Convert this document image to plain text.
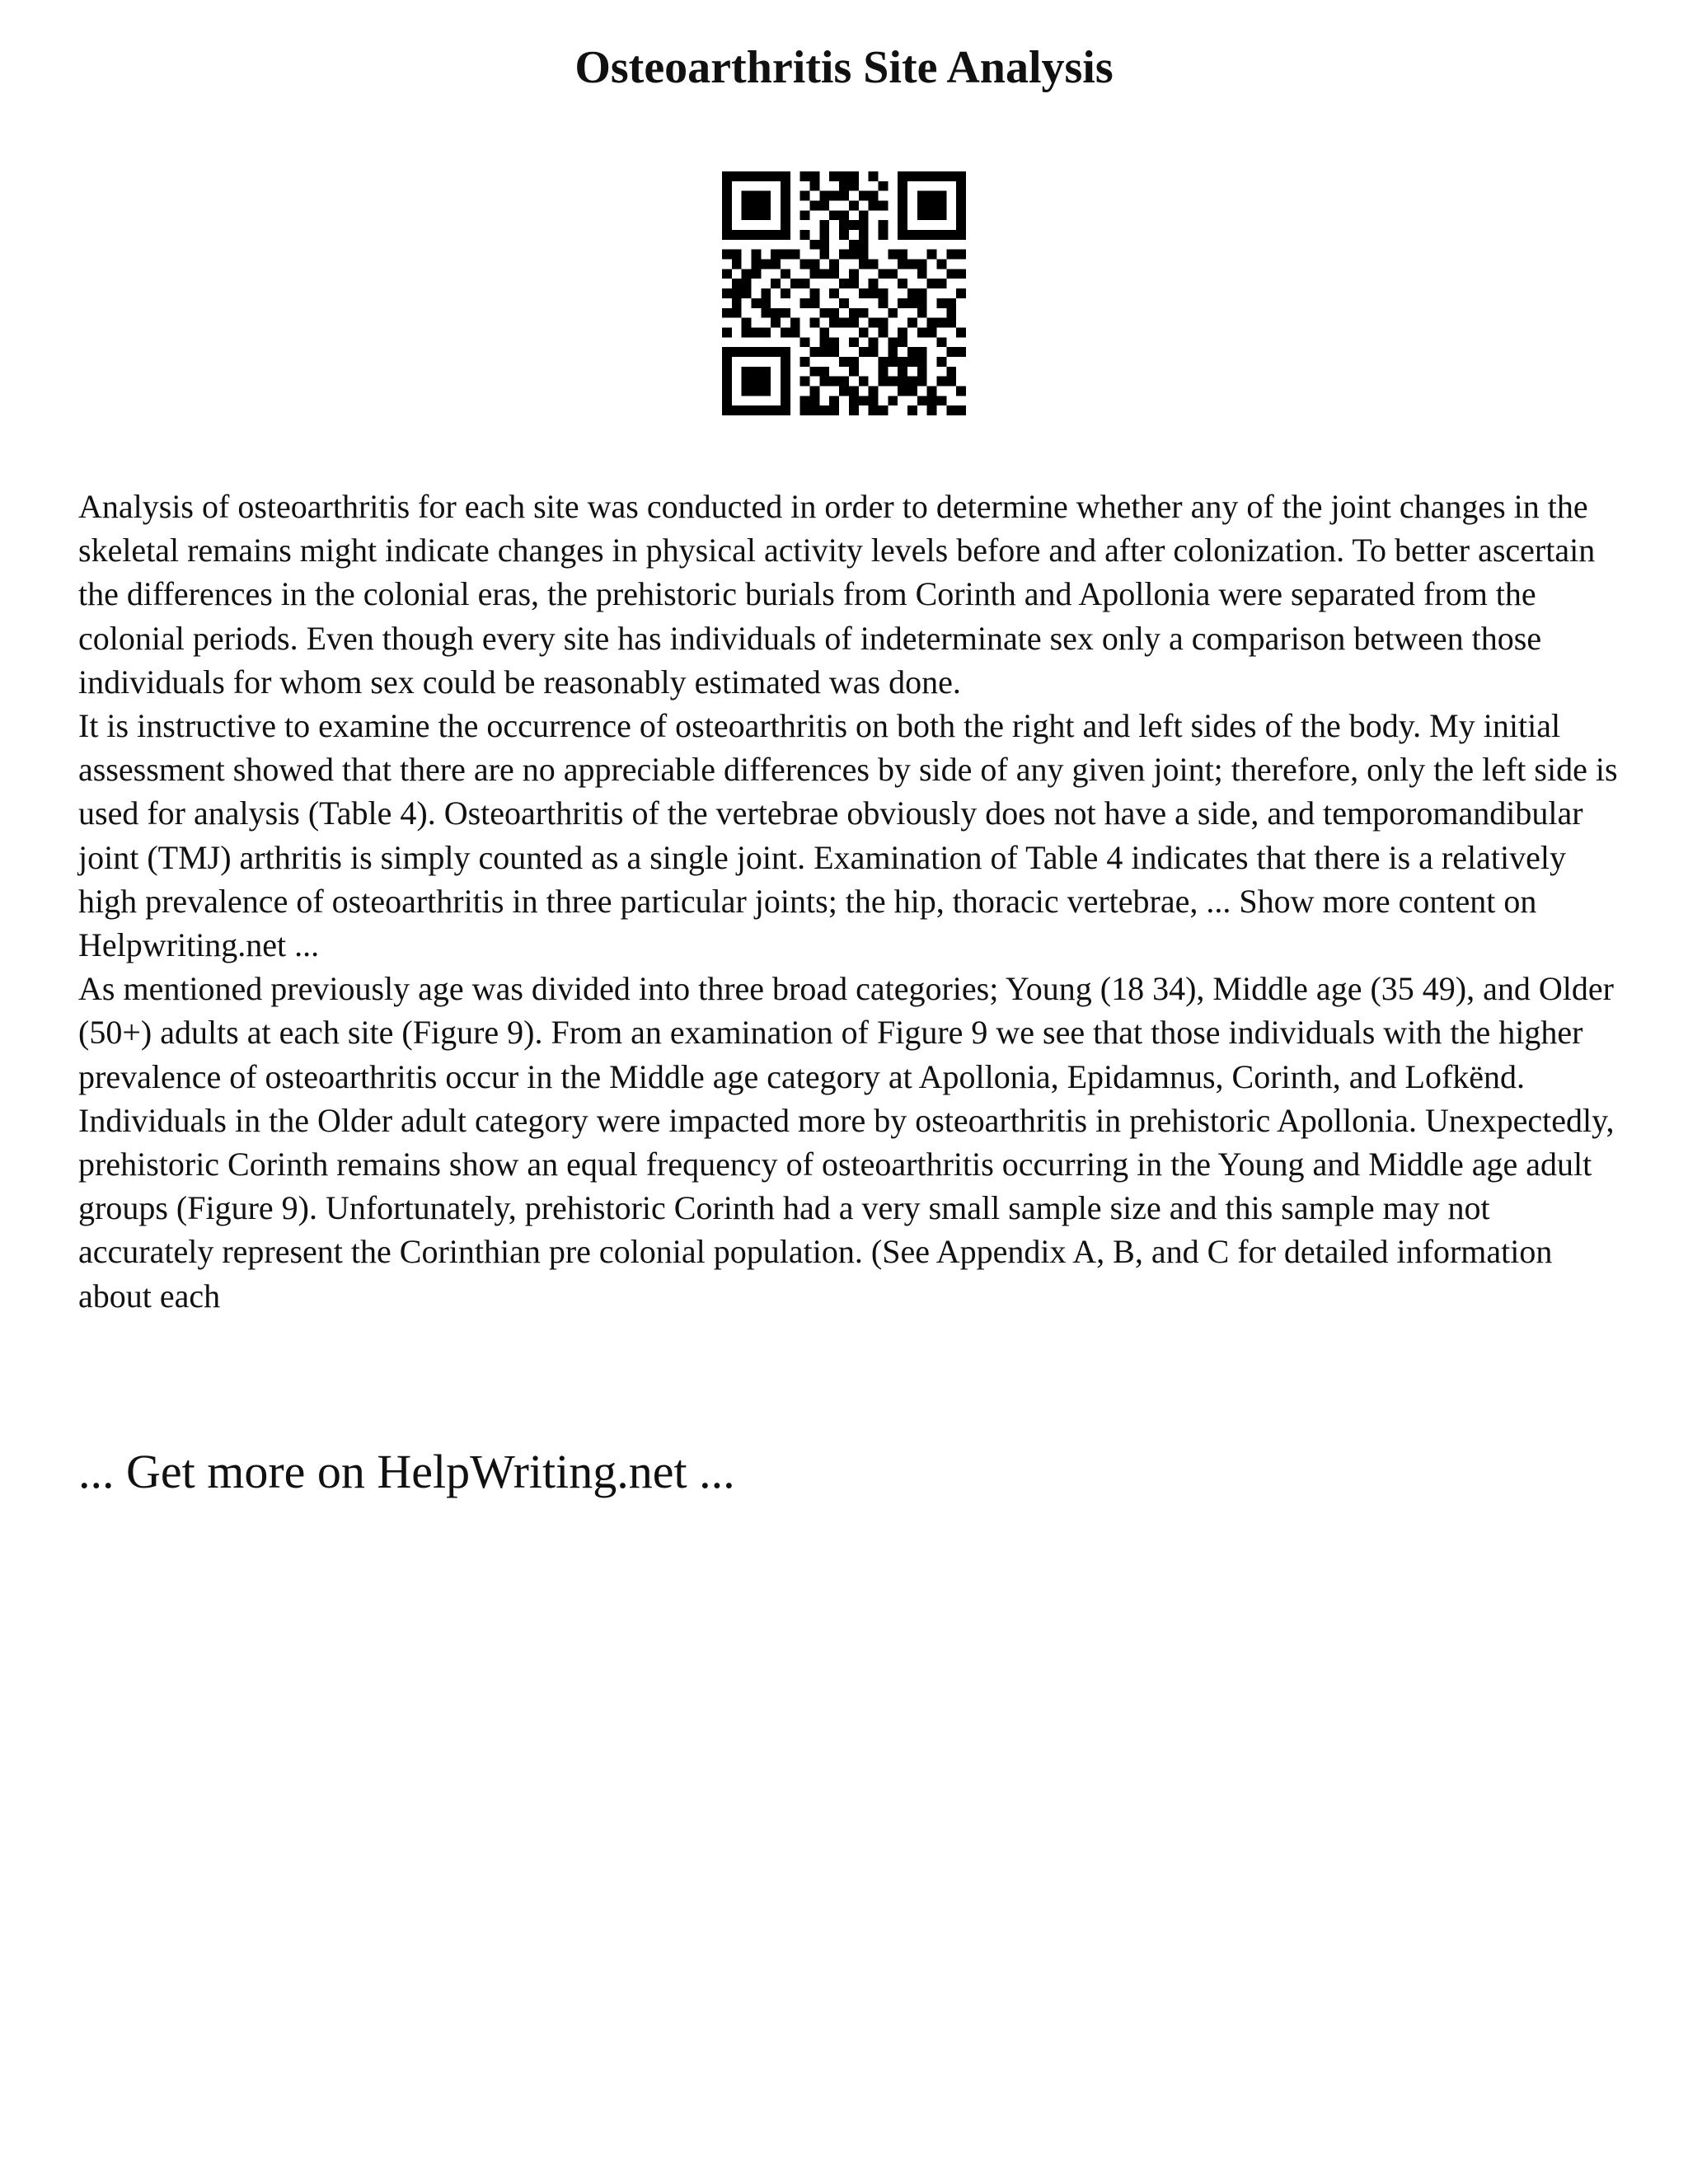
Osteoarthritis Site Analysis

Analysis of osteoarthritis for each site was conducted in order to determine whether any of the joint changes in the skeletal remains might indicate changes in physical activity levels before and after colonization. To better ascertain the differences in the colonial eras, the prehistoric burials from Corinth and Apollonia were separated from the colonial periods. Even though every site has individuals of indeterminate sex only a comparison between those individuals for whom sex could be reasonably estimated was done.

It is instructive to examine the occurrence of osteoarthritis on both the right and left sides of the body. My initial assessment showed that there are no appreciable differences by side of any given joint; therefore, only the left side is used for analysis (Table 4). Osteoarthritis of the vertebrae obviously does not have a side, and temporomandibular joint (TMJ) arthritis is simply counted as a single joint. Examination of Table 4 indicates that there is a relatively high prevalence of osteoarthritis in three particular joints; the hip, thoracic vertebrae, ... Show more content on Helpwriting.net ...

As mentioned previously age was divided into three broad categories; Young (18 34), Middle age (35 49), and Older (50+) adults at each site (Figure 9). From an examination of Figure 9 we see that those individuals with the higher prevalence of osteoarthritis occur in the Middle age category at Apollonia, Epidamnus, Corinth, and Lofkënd. Individuals in the Older adult category were impacted more by osteoarthritis in prehistoric Apollonia. Unexpectedly, prehistoric Corinth remains show an equal frequency of osteoarthritis occurring in the Young and Middle age adult groups (Figure 9). Unfortunately, prehistoric Corinth had a very small sample size and this sample may not accurately represent the Corinthian pre colonial population. (See Appendix A, B, and C for detailed information about each

... Get more on HelpWriting.net ...
